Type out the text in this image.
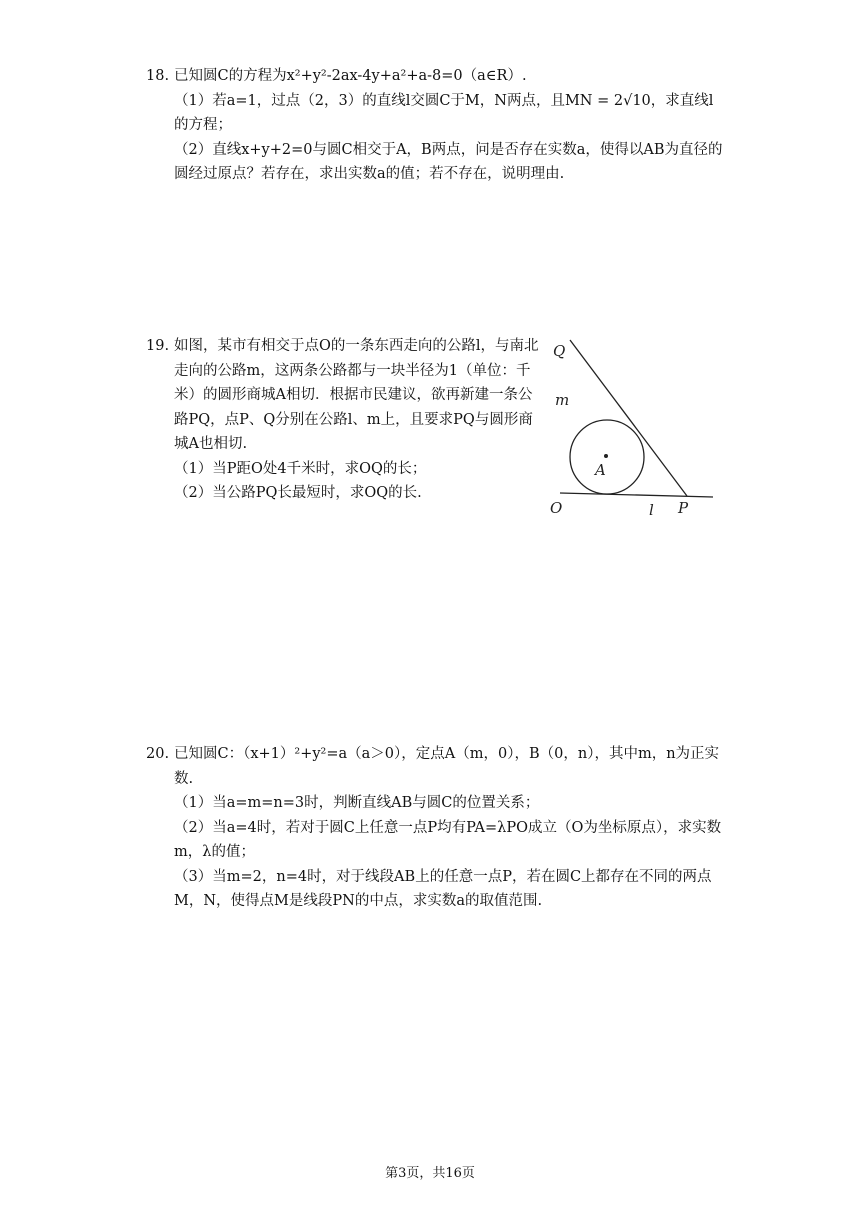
18. 已知圆C的方程为x²+y²-2ax-4y+a²+a-8=0（a∈R）.

（1）若a=1，过点（2，3）的直线l交圆C于M，N两点，且MN = 2√10，求直线l的方程；

（2）直线x+y+2=0与圆C相交于A，B两点，问是否存在实数a，使得以AB为直径的圆经过原点？若存在，求出实数a的值；若不存在，说明理由.

19. 如图，某市有相交于点O的一条东西走向的公路l，与南北走向的公路m，这两条公路都与一块半径为1（单位：千米）的圆形商城A相切．根据市民建议，欲再新建一条公路PQ，点P、Q分别在公路l、m上，且要求PQ与圆形商城A也相切.

（1）当P距O处4千米时，求OQ的长；

（2）当公路PQ长最短时，求OQ的长.

Q
m
A
O	l P
20. 已知圆C：（x+1）²+y²=a（a＞0），定点A（m，0），B（0，n），其中m，n为正实数.

（1）当a=m=n=3时，判断直线AB与圆C的位置关系；

（2）当a=4时，若对于圆C上任意一点P均有PA=λPO成立（O为坐标原点），求实数m，λ的值；

（3）当m=2，n=4时，对于线段AB上的任意一点P，若在圆C上都存在不同的两点M，N，使得点M是线段PN的中点，求实数a的取值范围.

第3页，共16页
